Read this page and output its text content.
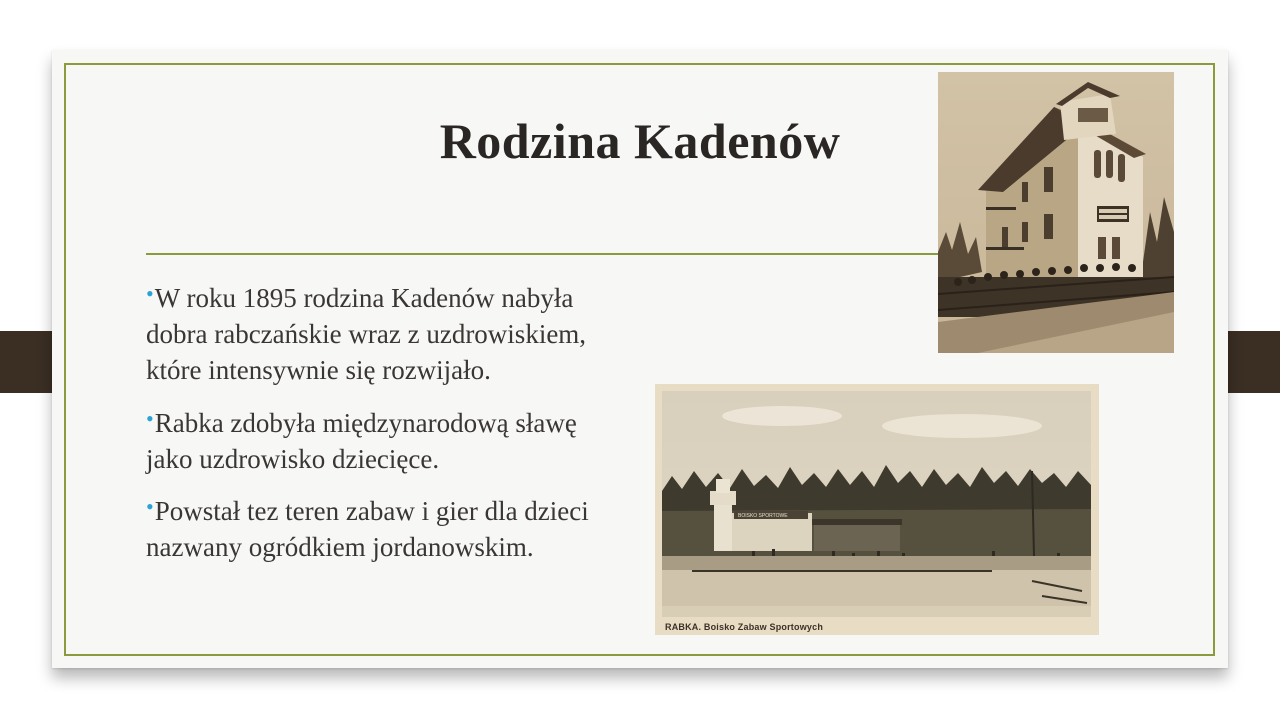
Rodzina Kadenów
•W roku 1895 rodzina Kadenów nabyła dobra rabczańskie wraz z uzdrowiskiem, które intensywnie się rozwijało.
•Rabka zdobyła międzynarodową sławę jako uzdrowisko dziecięce.
•Powstał tez teren zabaw i gier dla dzieci nazwany ogródkiem jordanowskim.
BOISKO SPORTOWE
RABKA. Boisko Zabaw Sportowych
